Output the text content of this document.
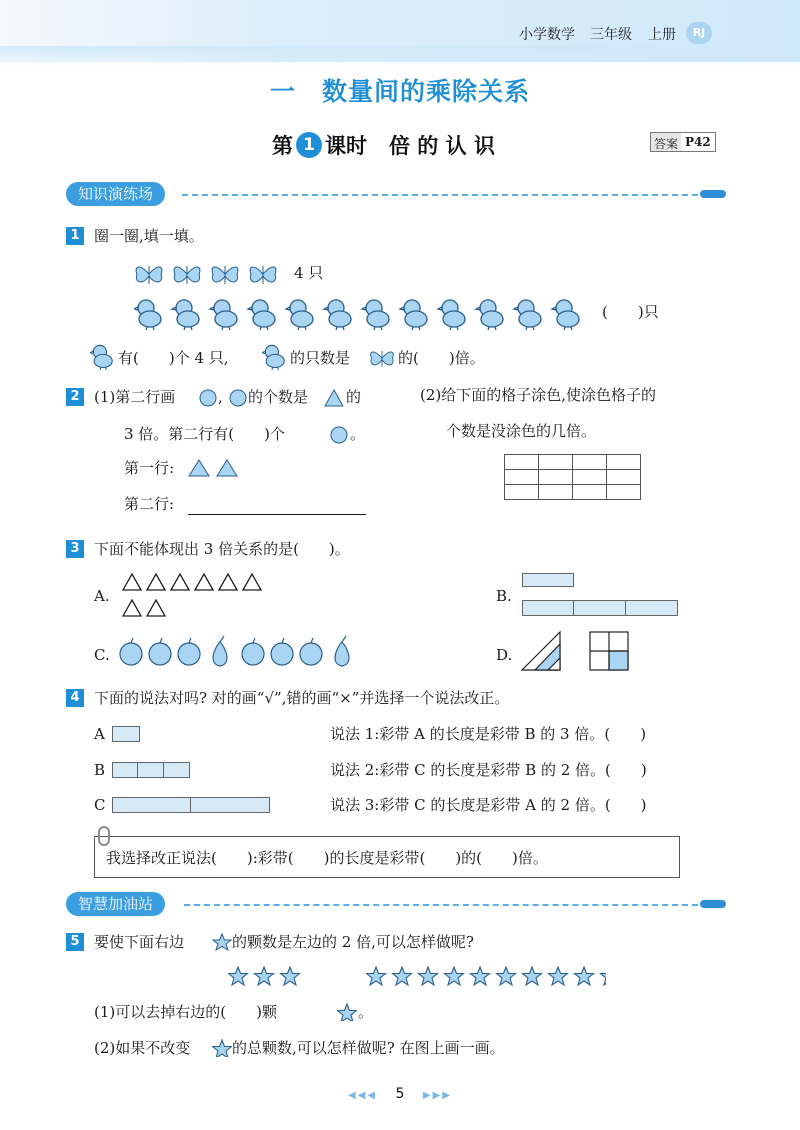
小学数学 三年级 上册	RJ
一　数量间的乘除关系
第 1 课时 倍 的 认 识	答案 P42
知识演练场
1 圈一圈,填一填。
4 只
(　　)只
有(　　)个 4 只,	的只数是	的(　　)倍。
2 (1)第二行画	, 的个数是	的
3 倍。第二行有(　　)个	。
第一行:
第二行:
(2)给下面的格子涂色,使涂色格子的
个数是没涂色的几倍。

3 下面不能体现出 3 倍关系的是(　　)。
A.	B.
C.	D.
4 下面的说法对吗? 对的画“√”,错的画“×”并选择一个说法改正。
A
B
C
说法 1:彩带 A 的长度是彩带 B 的 3 倍。(　　)
说法 2:彩带 C 的长度是彩带 B 的 2 倍。(　　)
说法 3:彩带 C 的长度是彩带 A 的 2 倍。(　　)
我选择改正说法(　　):彩带(　　)的长度是彩带(　　)的(　　)倍。
智慧加油站
5 要使下面右边	的颗数是左边的 2 倍,可以怎样做呢?
(1)可以去掉右边的(　　)颗	。
(2)如果不改变	的总颗数,可以怎样做呢? 在图上画一画。
◀◀◀ 5 ▶▶▶
